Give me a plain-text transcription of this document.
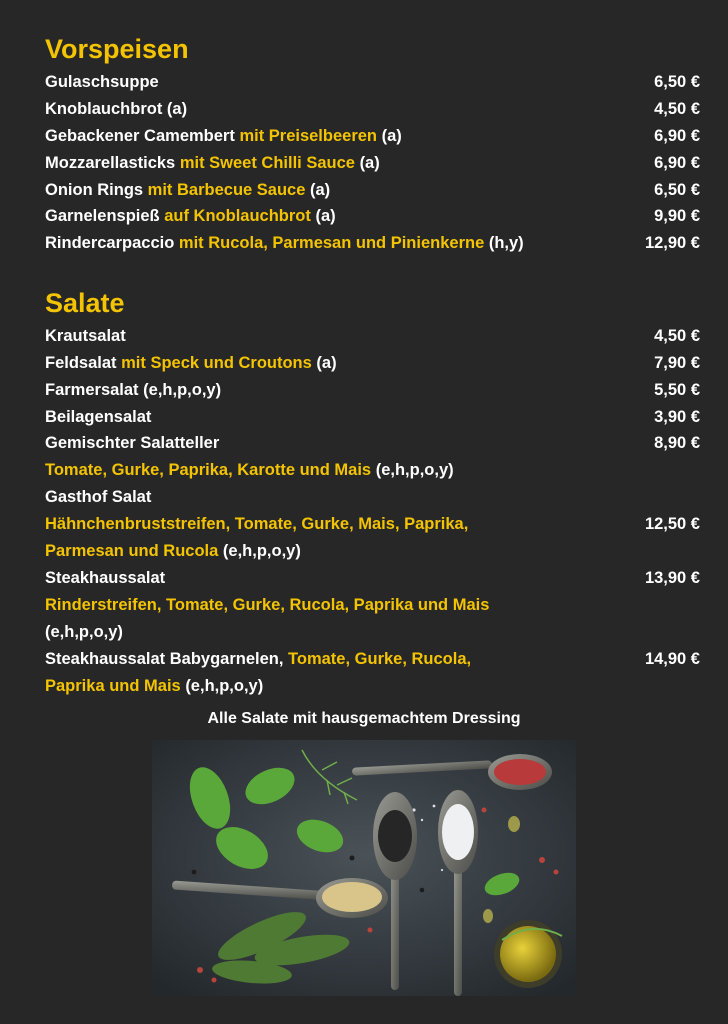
Vorspeisen
Gulaschsuppe	6,50 €
Knoblauchbrot (a)	4,50 €
Gebackener Camembert mit Preiselbeeren (a)	6,90 €
Mozzarellasticks mit Sweet Chilli Sauce (a)	6,90 €
Onion Rings mit Barbecue Sauce (a)	6,50 €
Garnelenspieß auf Knoblauchbrot (a)	9,90 €
Rindercarpaccio mit Rucola, Parmesan und Pinienkerne (h,y)	12,90 €
Salate
Krautsalat	4,50 €
Feldsalat mit Speck und Croutons (a)	7,90 €
Farmersalat (e,h,p,o,y)	5,50 €
Beilagensalat	3,90 €
Gemischter Salatteller	8,90 €
Tomate, Gurke, Paprika, Karotte und Mais (e,h,p,o,y)
Gasthof Salat
Hähnchenbruststreifen, Tomate, Gurke, Mais, Paprika,	12,50 €
Parmesan und Rucola (e,h,p,o,y)
Steakhaussalat	13,90 €
Rinderstreifen, Tomate, Gurke, Rucola, Paprika und Mais
(e,h,p,o,y)
Steakhaussalat Babygarnelen, Tomate, Gurke, Rucola,	14,90 €
Paprika und Mais (e,h,p,o,y)
Alle Salate mit hausgemachtem Dressing
